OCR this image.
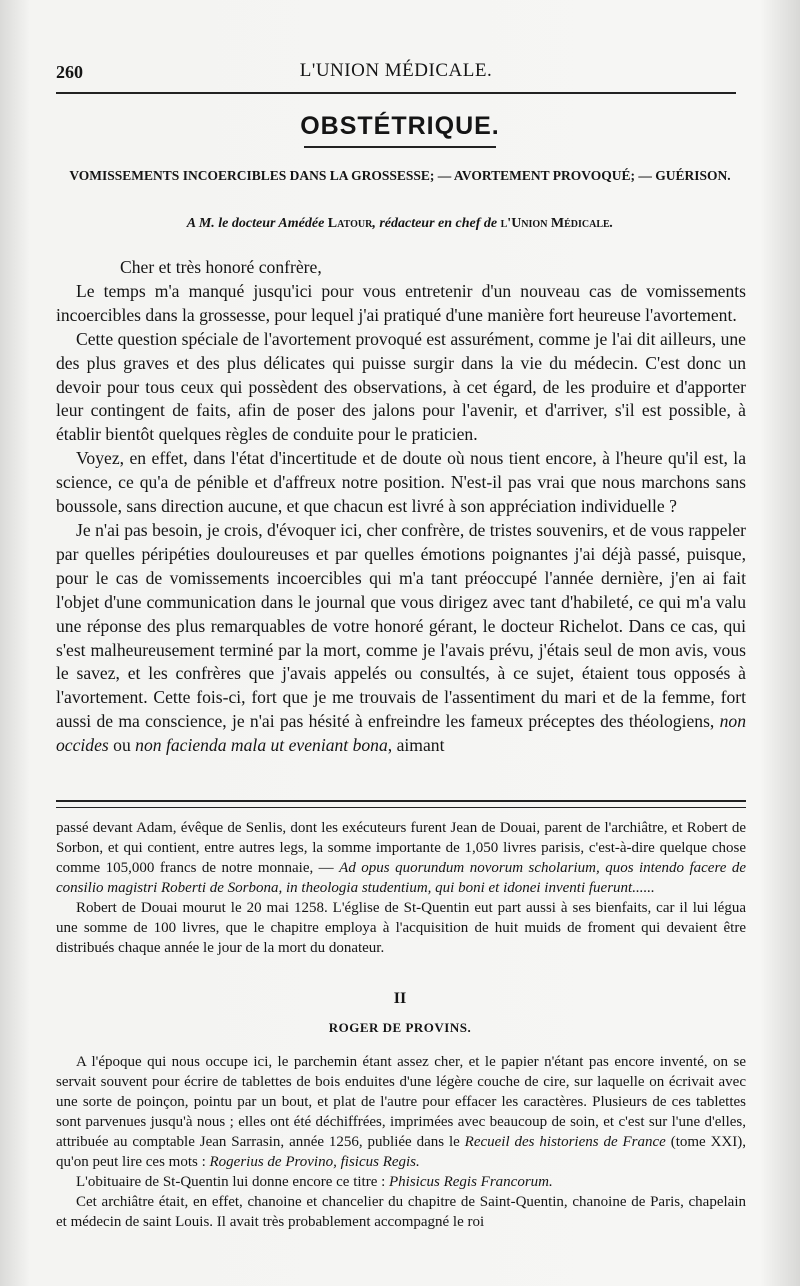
260	L'UNION MÉDICALE.
OBSTÉTRIQUE.
VOMISSEMENTS INCOERCIBLES DANS LA GROSSESSE; — AVORTEMENT PROVOQUÉ; — GUÉRISON.
A M. le docteur Amédée Latour, rédacteur en chef de l'Union Médicale.

Cher et très honoré confrère,

Le temps m'a manqué jusqu'ici pour vous entretenir d'un nouveau cas de vomissements incoercibles dans la grossesse, pour lequel j'ai pratiqué d'une manière fort heureuse l'avortement.

Cette question spéciale de l'avortement provoqué est assurément, comme je l'ai dit ailleurs, une des plus graves et des plus délicates qui puisse surgir dans la vie du médecin. C'est donc un devoir pour tous ceux qui possèdent des observations, à cet égard, de les produire et d'apporter leur contingent de faits, afin de poser des jalons pour l'avenir, et d'arriver, s'il est possible, à établir bientôt quelques règles de conduite pour le praticien.

Voyez, en effet, dans l'état d'incertitude et de doute où nous tient encore, à l'heure qu'il est, la science, ce qu'a de pénible et d'affreux notre position. N'est-il pas vrai que nous marchons sans boussole, sans direction aucune, et que chacun est livré à son appréciation individuelle ?

Je n'ai pas besoin, je crois, d'évoquer ici, cher confrère, de tristes souvenirs, et de vous rappeler par quelles péripéties douloureuses et par quelles émotions poignantes j'ai déjà passé, puisque, pour le cas de vomissements incoercibles qui m'a tant préoccupé l'année dernière, j'en ai fait l'objet d'une communication dans le journal que vous dirigez avec tant d'habileté, ce qui m'a valu une réponse des plus remarquables de votre honoré gérant, le docteur Richelot. Dans ce cas, qui s'est malheureusement terminé par la mort, comme je l'avais prévu, j'étais seul de mon avis, vous le savez, et les confrères que j'avais appelés ou consultés, à ce sujet, étaient tous opposés à l'avortement. Cette fois-ci, fort que je me trouvais de l'assentiment du mari et de la femme, fort aussi de ma conscience, je n'ai pas hésité à enfreindre les fameux préceptes des théologiens, non occides ou non facienda mala ut eveniant bona, aimant

passé devant Adam, évêque de Senlis, dont les exécuteurs furent Jean de Douai, parent de l'archiâtre, et Robert de Sorbon, et qui contient, entre autres legs, la somme importante de 1,050 livres parisis, c'est-à-dire quelque chose comme 105,000 francs de notre monnaie, — Ad opus quorundum novorum scholarium, quos intendo facere de consilio magistri Roberti de Sorbona, in theologia studentium, qui boni et idonei inventi fuerunt......

Robert de Douai mourut le 20 mai 1258. L'église de St-Quentin eut part aussi à ses bienfaits, car il lui légua une somme de 100 livres, que le chapitre employa à l'acquisition de huit muids de froment qui devaient être distribués chaque année le jour de la mort du donateur.

II
ROGER DE PROVINS.

A l'époque qui nous occupe ici, le parchemin étant assez cher, et le papier n'étant pas encore inventé, on se servait souvent pour écrire de tablettes de bois enduites d'une légère couche de cire, sur laquelle on écrivait avec une sorte de poinçon, pointu par un bout, et plat de l'autre pour effacer les caractères. Plusieurs de ces tablettes sont parvenues jusqu'à nous ; elles ont été déchiffrées, imprimées avec beaucoup de soin, et c'est sur l'une d'elles, attribuée au comptable Jean Sarrasin, année 1256, publiée dans le Recueil des historiens de France (tome XXI), qu'on peut lire ces mots : Rogerius de Provino, fisicus Regis.

L'obituaire de St-Quentin lui donne encore ce titre : Phisicus Regis Francorum.

Cet archiâtre était, en effet, chanoine et chancelier du chapitre de Saint-Quentin, chanoine de Paris, chapelain et médecin de saint Louis. Il avait très probablement accompagné le roi
